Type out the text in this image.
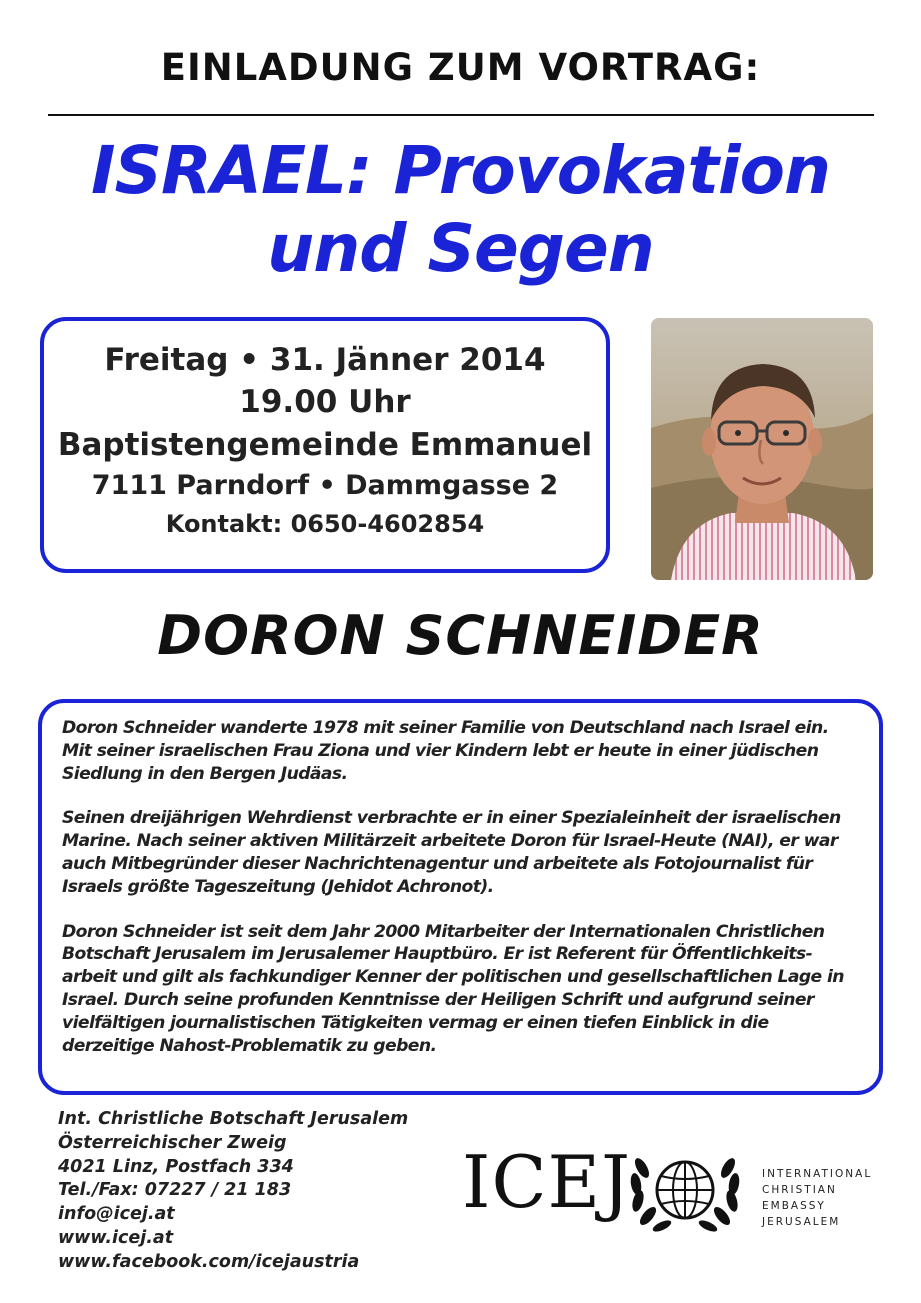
EINLADUNG ZUM VORTRAG:
ISRAEL: Provokation
und Segen
Freitag • 31. Jänner 2014
19.00 Uhr
Baptistengemeinde Emmanuel
7111 Parndorf • Dammgasse 2
Kontakt: 0650-4602854
DORON SCHNEIDER

Doron Schneider wanderte 1978 mit seiner Familie von Deutschland nach Israel ein.
Mit seiner israelischen Frau Ziona und vier Kindern lebt er heute in einer jüdischen
Siedlung in den Bergen Judäas.

Seinen dreijährigen Wehrdienst verbrachte er in einer Spezialeinheit der israelischen
Marine. Nach seiner aktiven Militärzeit arbeitete Doron für Israel-Heute (NAI), er war
auch Mitbegründer dieser Nachrichtenagentur und arbeitete als Fotojournalist für
Israels größte Tageszeitung (Jehidot Achronot).

Doron Schneider ist seit dem Jahr 2000 Mitarbeiter der Internationalen Christlichen
Botschaft Jerusalem im Jerusalemer Hauptbüro. Er ist Referent für Öffentlichkeits-
arbeit und gilt als fachkundiger Kenner der politischen und gesellschaftlichen Lage in
Israel. Durch seine profunden Kenntnisse der Heiligen Schrift und aufgrund seiner
vielfältigen journalistischen Tätigkeiten vermag er einen tiefen Einblick in die
derzeitige Nahost-Problematik zu geben.

Int. Christliche Botschaft Jerusalem
Österreichischer Zweig
4021 Linz, Postfach 334
Tel./Fax: 07227 / 21 183
info@icej.at
www.icej.at
www.facebook.com/icejaustria
ICEJ	INTERNATIONAL
CHRISTIAN
EMBASSY
JERUSALEM
